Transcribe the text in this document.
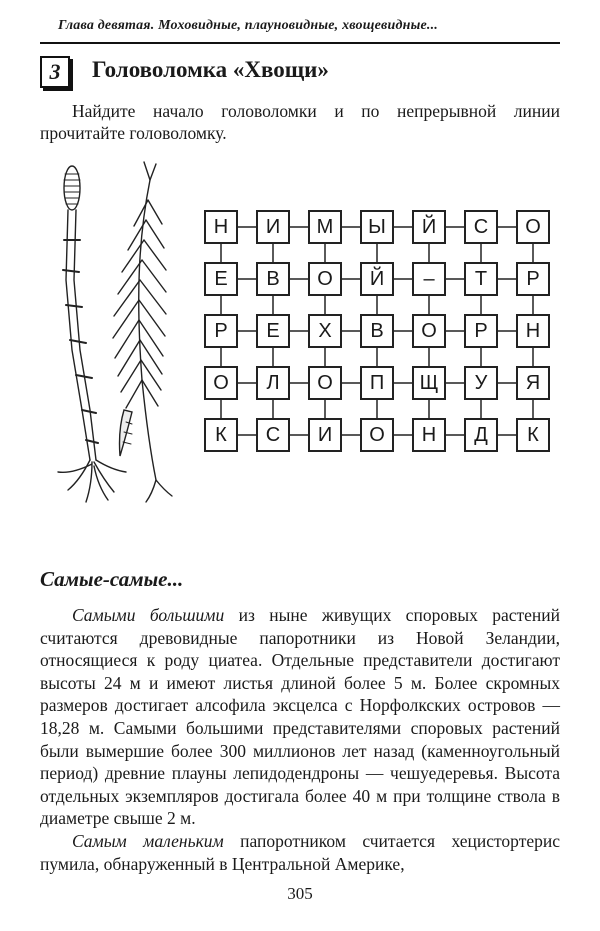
Глава девятая. Моховидные, плауновидные, хвощевидные...
3	Головоломка «Хвощи»

Найдите начало головоломки и по непрерывной линии прочитайте головоломку.

Н	И	М	Ы	Й	С	О
Е	В	О	Й	–	Т	Р
Р	Е	Х	В	О	Р	Н
О	Л	О	П	Щ	У	Я
К	С	И	О	Н	Д	К
Самые-самые...

Самыми большими из ныне живущих споровых растений считаются древовидные папоротники из Новой Зеландии, относящиеся к роду циатеа. Отдельные представители достигают высоты 24 м и имеют листья длиной более 5 м. Более скромных размеров достигает алсофила эксцелса с Норфолкских островов — 18,28 м. Самыми большими представителями споровых растений были вымершие более 300 миллионов лет назад (каменноугольный период) древние плауны лепидодендроны — чешуедеревья. Высота отдельных экземпляров достигала более 40 м при толщине ствола в диаметре свыше 2 м.

Самым маленьким папоротником считается хецистортерис пумила, обнаруженный в Центральной Америке,

305
